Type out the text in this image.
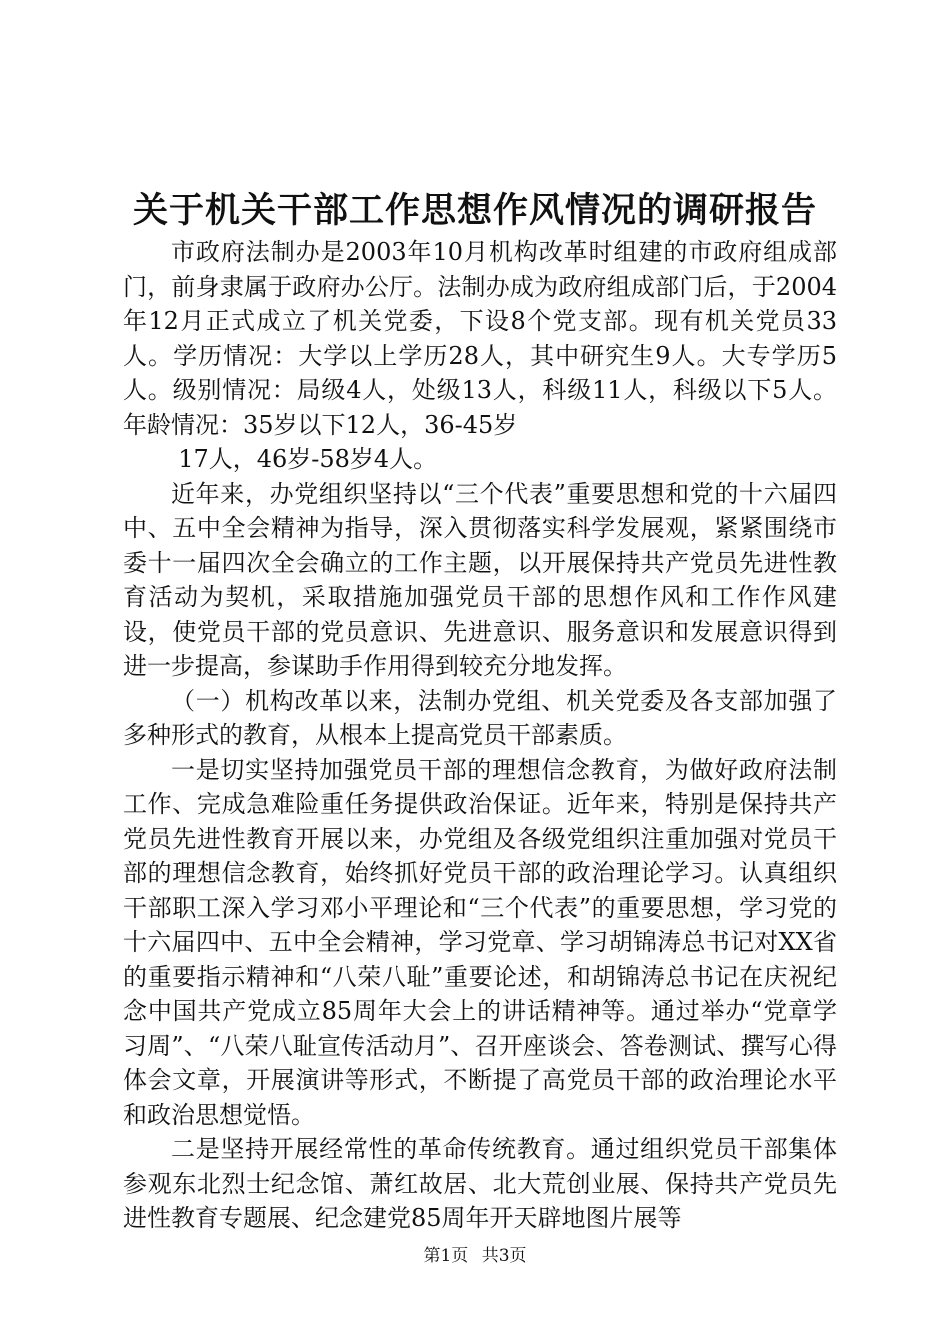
关于机关干部工作思想作风情况的调研报告

市政府法制办是2003年10月机构改革时组建的市政府组成部门，前身隶属于政府办公厅。法制办成为政府组成部门后，于2004年12月正式成立了机关党委，下设8个党支部。现有机关党员33人。学历情况：大学以上学历28人，其中研究生9人。大专学历5人。级别情况：局级4人，处级13人，科级11人，科级以下5人。年龄情况：35岁以下12人，36-45岁

17人，46岁-58岁4人。

近年来，办党组织坚持以“三个代表”重要思想和党的十六届四中、五中全会精神为指导，深入贯彻落实科学发展观，紧紧围绕市委十一届四次全会确立的工作主题，以开展保持共产党员先进性教育活动为契机，采取措施加强党员干部的思想作风和工作作风建设，使党员干部的党员意识、先进意识、服务意识和发展意识得到进一步提高，参谋助手作用得到较充分地发挥。

（一）机构改革以来，法制办党组、机关党委及各支部加强了多种形式的教育，从根本上提高党员干部素质。

一是切实坚持加强党员干部的理想信念教育，为做好政府法制工作、完成急难险重任务提供政治保证。近年来，特别是保持共产党员先进性教育开展以来，办党组及各级党组织注重加强对党员干部的理想信念教育，始终抓好党员干部的政治理论学习。认真组织干部职工深入学习邓小平理论和“三个代表”的重要思想，学习党的十六届四中、五中全会精神，学习党章、学习胡锦涛总书记对XX省的重要指示精神和“八荣八耻”重要论述，和胡锦涛总书记在庆祝纪念中国共产党成立85周年大会上的讲话精神等。通过举办“党章学习周”、“八荣八耻宣传活动月”、召开座谈会、答卷测试、撰写心得体会文章，开展演讲等形式，不断提了高党员干部的政治理论水平和政治思想觉悟。

二是坚持开展经常性的革命传统教育。通过组织党员干部集体参观东北烈士纪念馆、萧红故居、北大荒创业展、保持共产党员先进性教育专题展、纪念建党85周年开天辟地图片展等

第1页 共3页
